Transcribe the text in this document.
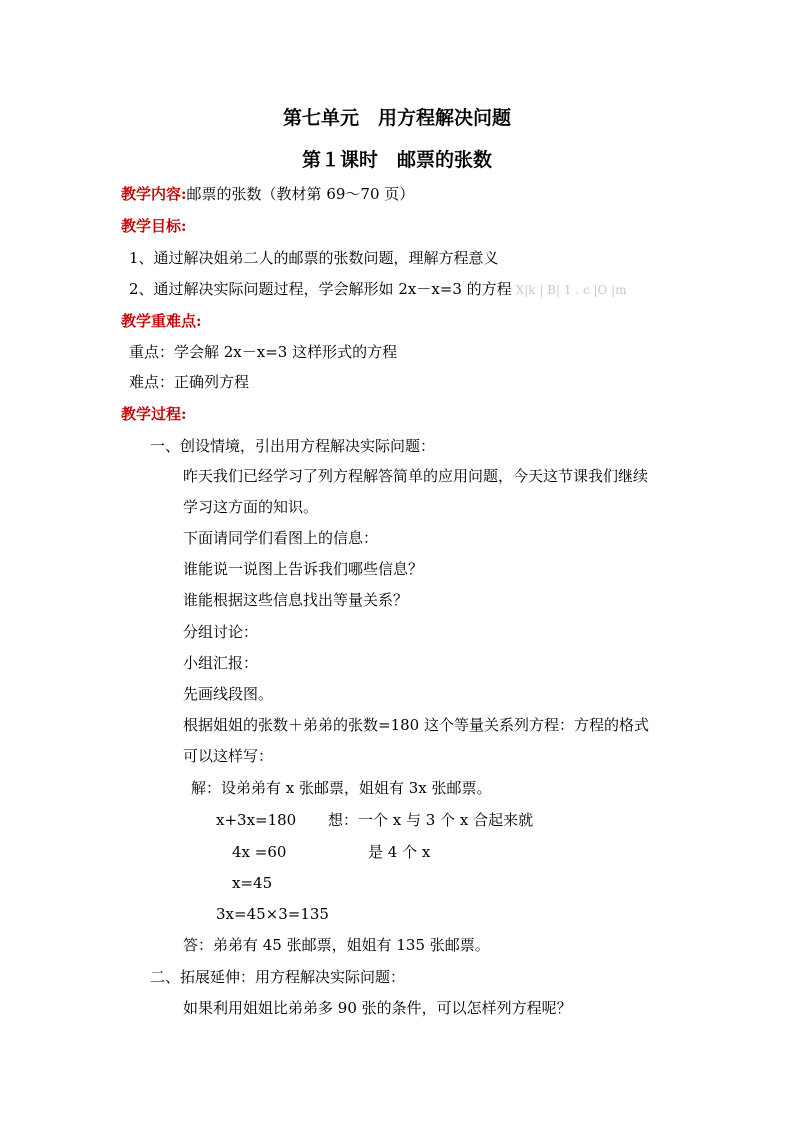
第七单元　用方程解决问题
第１课时　邮票的张数
教学内容:邮票的张数（教材第 69～70 页）
教学目标:
1、通过解决姐弟二人的邮票的张数问题，理解方程意义
2、通过解决实际问题过程，学会解形如 2x－x=3 的方程 X|k | B| 1 . c |O |m
教学重难点:
重点：学会解 2x－x=3 这样形式的方程
难点：正确列方程
教学过程:
一、创设情境，引出用方程解决实际问题：
昨天我们已经学习了列方程解答简单的应用问题，今天这节课我们继续
学习这方面的知识。
下面请同学们看图上的信息：
谁能说一说图上告诉我们哪些信息？
谁能根据这些信息找出等量关系？
分组讨论：
小组汇报：
先画线段图。
根据姐姐的张数＋弟弟的张数=180 这个等量关系列方程：方程的格式
可以这样写：
解：设弟弟有 x 张邮票，姐姐有 3x 张邮票。
x+3x=180 想：一个 x 与 3 个 x 合起来就
4x =60	是 4 个 x
x=45
3x=45×3=135
答：弟弟有 45 张邮票，姐姐有 135 张邮票。
二、拓展延伸：用方程解决实际问题：
如果利用姐姐比弟弟多 90 张的条件，可以怎样列方程呢？
